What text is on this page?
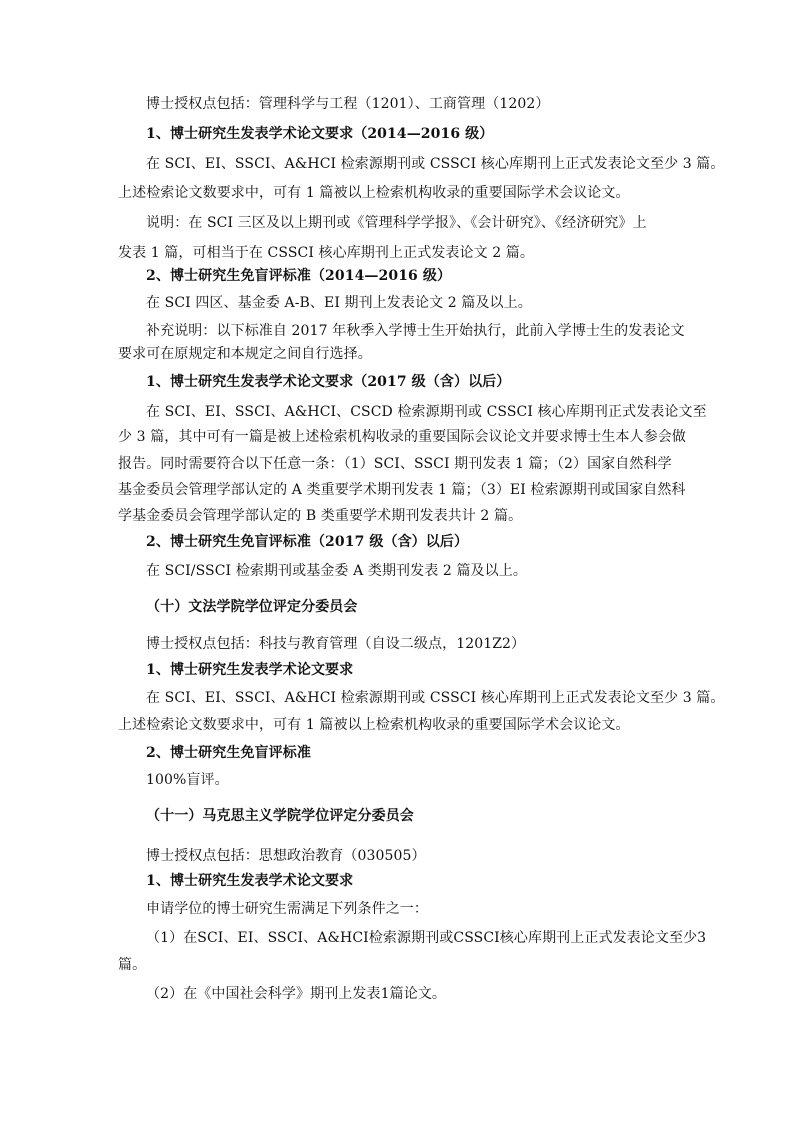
博士授权点包括：管理科学与工程（1201）、工商管理（1202）
1、博士研究生发表学术论文要求（2014—2016 级）
在 SCI、EI、SSCI、A&HCI 检索源期刊或 CSSCI 核心库期刊上正式发表论文至少 3 篇。
上述检索论文数要求中，可有 1 篇被以上检索机构收录的重要国际学术会议论文。
说明：在 SCI 三区及以上期刊或《管理科学学报》、《会计研究》、《经济研究》上
发表 1 篇，可相当于在 CSSCI 核心库期刊上正式发表论文 2 篇。
2、博士研究生免盲评标准（2014—2016 级）
在 SCI 四区、基金委 A-B、EI 期刊上发表论文 2 篇及以上。
补充说明：以下标准自 2017 年秋季入学博士生开始执行，此前入学博士生的发表论文
要求可在原规定和本规定之间自行选择。
1、博士研究生发表学术论文要求（2017 级（含）以后）
在 SCI、EI、SSCI、A&HCI、CSCD 检索源期刊或 CSSCI 核心库期刊正式发表论文至
少 3 篇，其中可有一篇是被上述检索机构收录的重要国际会议论文并要求博士生本人参会做
报告。同时需要符合以下任意一条：（1）SCI、SSCI 期刊发表 1 篇；（2）国家自然科学
基金委员会管理学部认定的 A 类重要学术期刊发表 1 篇；（3）EI 检索源期刊或国家自然科
学基金委员会管理学部认定的 B 类重要学术期刊发表共计 2 篇。
2、博士研究生免盲评标准（2017 级（含）以后）
在 SCI/SSCI 检索期刊或基金委 A 类期刊发表 2 篇及以上。
（十）文法学院学位评定分委员会
博士授权点包括：科技与教育管理（自设二级点，1201Z2）
1、博士研究生发表学术论文要求
在 SCI、EI、SSCI、A&HCI 检索源期刊或 CSSCI 核心库期刊上正式发表论文至少 3 篇。
上述检索论文数要求中，可有 1 篇被以上检索机构收录的重要国际学术会议论文。
2、博士研究生免盲评标准
100%盲评。
（十一）马克思主义学院学位评定分委员会
博士授权点包括：思想政治教育（030505）
1、博士研究生发表学术论文要求
申请学位的博士研究生需满足下列条件之一：
（1）在SCI、EI、SSCI、A&HCI检索源期刊或CSSCI核心库期刊上正式发表论文至少3
篇。
（2）在《中国社会科学》期刊上发表1篇论文。
